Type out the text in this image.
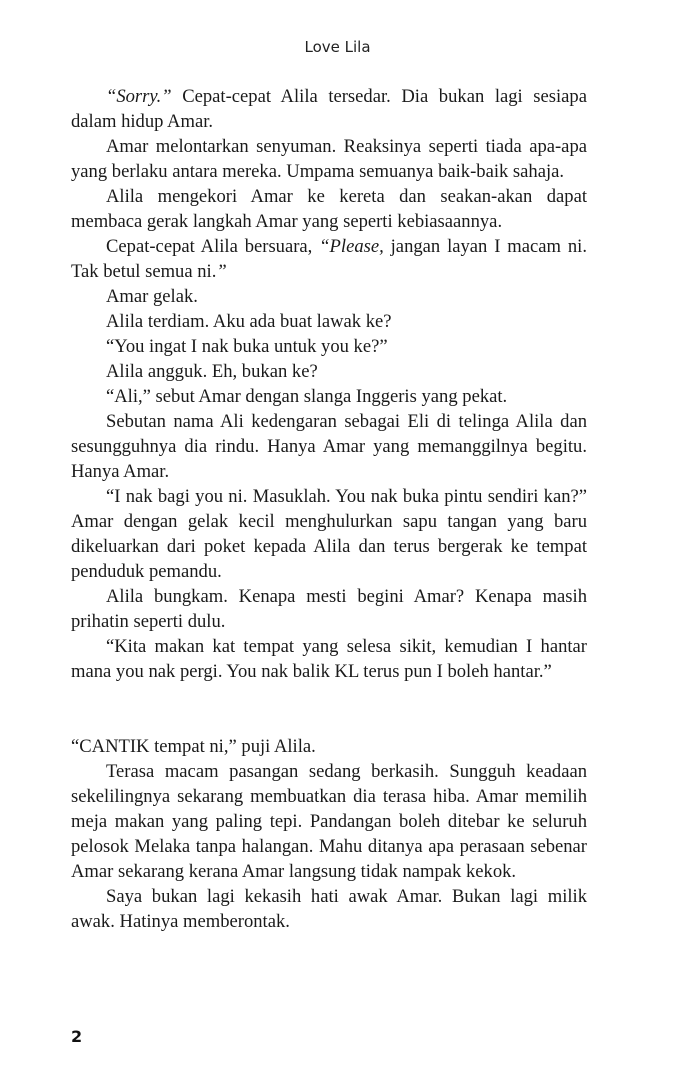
Love Lila

“Sorry.” Cepat-cepat Alila tersedar. Dia bukan lagi sesiapa dalam hidup Amar.

Amar melontarkan senyuman. Reaksinya seperti tiada apa-apa yang berlaku antara mereka. Umpama semuanya baik-baik sahaja.

Alila mengekori Amar ke kereta dan seakan-akan dapat membaca gerak langkah Amar yang seperti kebiasaannya.

Cepat-cepat Alila bersuara, “Please, jangan layan I macam ni. Tak betul semua ni.”

Amar gelak.

Alila terdiam. Aku ada buat lawak ke?

“You ingat I nak buka untuk you ke?”

Alila angguk. Eh, bukan ke?

“Ali,” sebut Amar dengan slanga Inggeris yang pekat.

Sebutan nama Ali kedengaran sebagai Eli di telinga Alila dan sesungguhnya dia rindu. Hanya Amar yang memanggilnya begitu. Hanya Amar.

“I nak bagi you ni. Masuklah. You nak buka pintu sendiri kan?” Amar dengan gelak kecil menghulurkan sapu tangan yang baru dikeluarkan dari poket kepada Alila dan terus bergerak ke tempat penduduk pemandu.

Alila bungkam. Kenapa mesti begini Amar? Kenapa masih prihatin seperti dulu.

“Kita makan kat tempat yang selesa sikit, kemudian I hantar mana you nak pergi. You nak balik KL terus pun I boleh hantar.”

“CANTIK tempat ni,” puji Alila.

Terasa macam pasangan sedang berkasih. Sungguh keadaan sekelilingnya sekarang membuatkan dia terasa hiba. Amar memilih meja makan yang paling tepi. Pandangan boleh ditebar ke seluruh pelosok Melaka tanpa halangan. Mahu ditanya apa perasaan sebenar Amar sekarang kerana Amar langsung tidak nampak kekok.

Saya bukan lagi kekasih hati awak Amar. Bukan lagi milik awak. Hatinya memberontak.

2
